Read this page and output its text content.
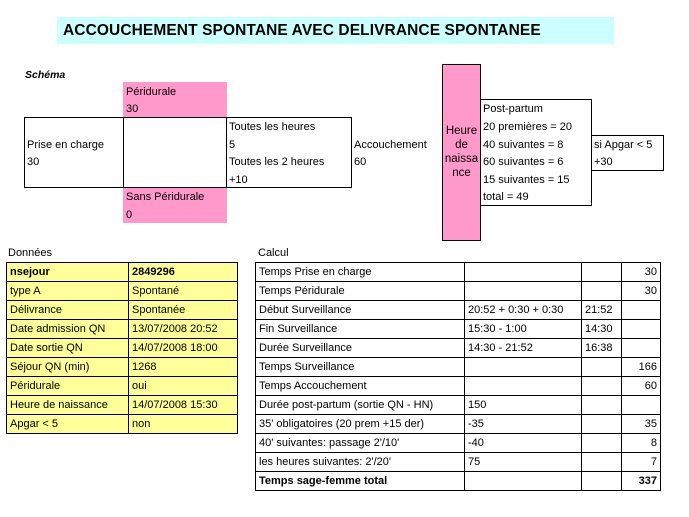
ACCOUCHEMENT SPONTANE AVEC DELIVRANCE SPONTANEE
Schéma
Péridurale
30
Prise en charge
30
Toutes les heures
5
Toutes les 2 heures
+10
Sans Péridurale
0
Accouchement
60
Heure
de
naissa
nce
Post-partum
20 premières = 20
40 suivantes = 8
60 suivantes = 6
15 suivantes = 15
total = 49
si Apgar < 5
+30
Données
nsejour	2849296
type A	Spontané
Délivrance	Spontanée
Date admission QN	13/07/2008 20:52
Date sortie QN	14/07/2008 18:00
Séjour QN (min)	1268
Péridurale	oui
Heure de naissance	14/07/2008 15:30
Apgar < 5	non
Calcul
Temps Prise en charge			30
Temps Péridurale			30
Début Surveillance	20:52 + 0:30 + 0:30	21:52	
Fin Surveillance	15:30 - 1:00	14:30	
Durée Surveillance	14:30 - 21:52	16:38	
Temps Surveillance			166
Temps Accouchement			60
Durée post-partum (sortie QN - HN)	150		
35' obligatoires (20 prem +15 der)	-35		35
40' suivantes: passage 2'/10'	-40		8
les heures suivantes: 2'/20'	75		7
Temps sage-femme total			337
